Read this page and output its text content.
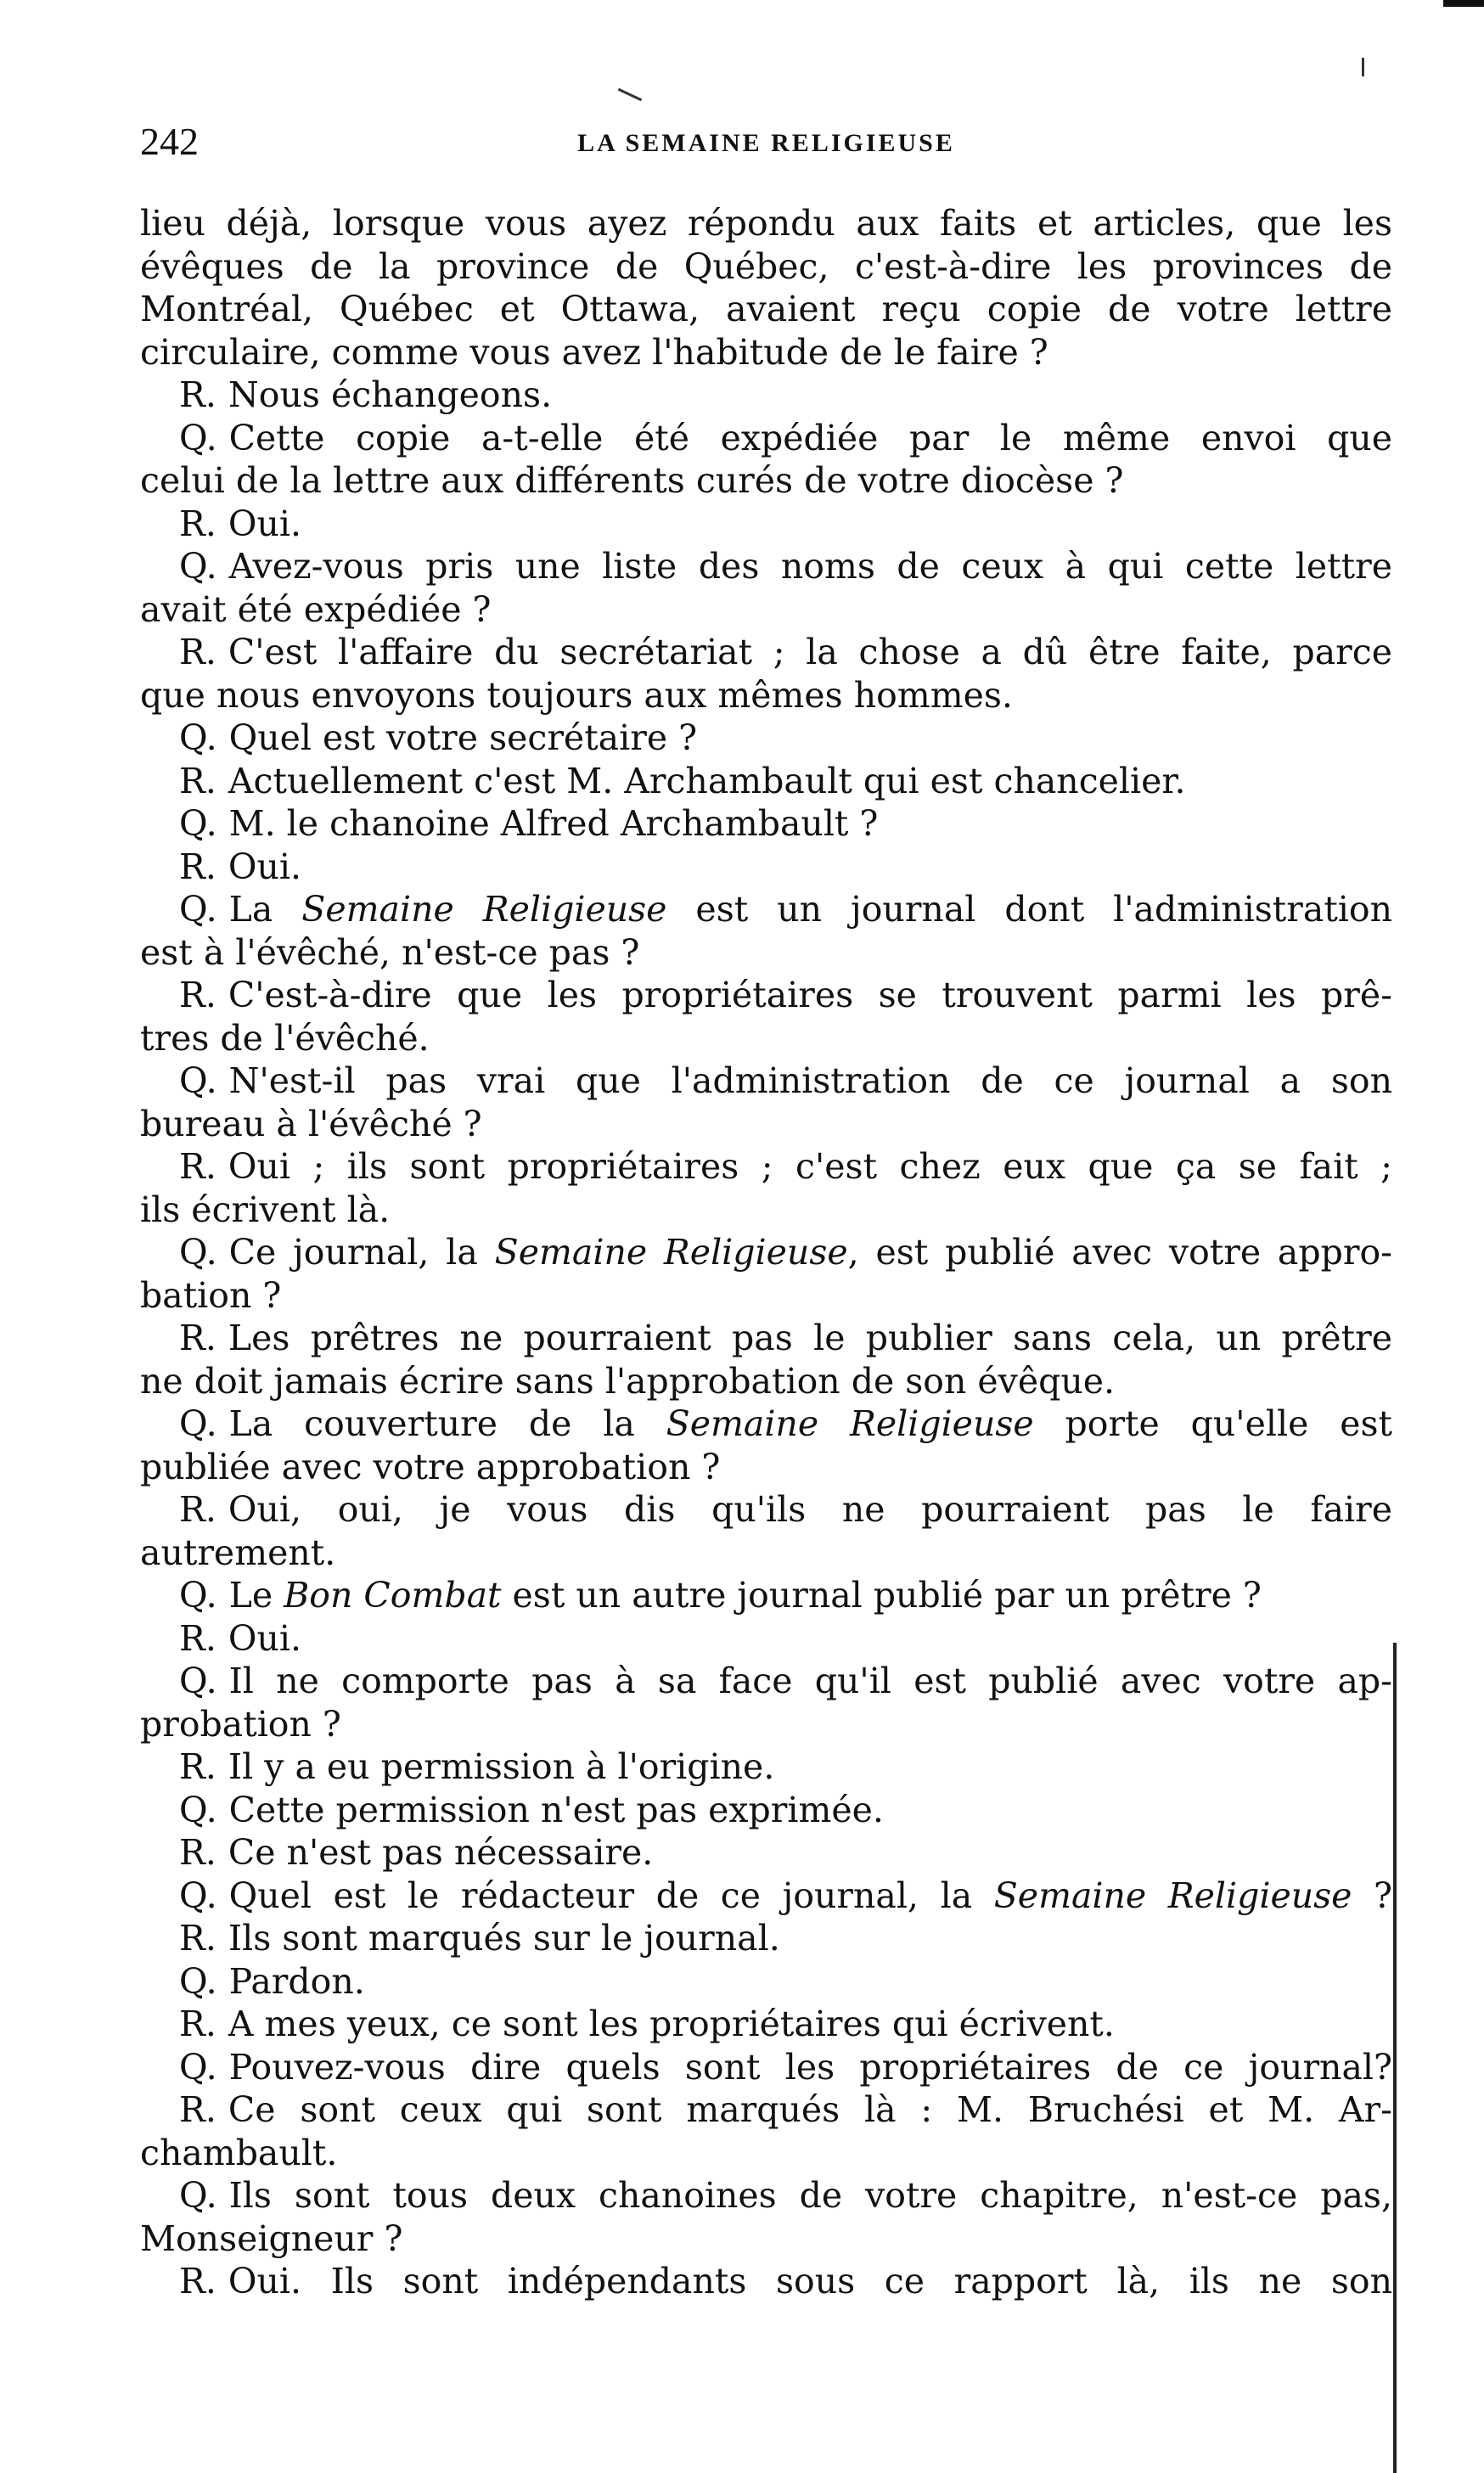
242	LA SEMAINE RELIGIEUSE
lieu déjà, lorsque vous ayez répondu aux faits et articles, que les
évêques de la province de Québec, c'est-à-dire les provinces de
Montréal, Québec et Ottawa, avaient reçu copie de votre lettre
circulaire, comme vous avez l'habitude de le faire ?
R. Nous échangeons.
Q. Cette copie a-t-elle été expédiée par le même envoi que
celui de la lettre aux différents curés de votre diocèse ?
R. Oui.
Q. Avez-vous pris une liste des noms de ceux à qui cette lettre
avait été expédiée ?
R. C'est l'affaire du secrétariat ; la chose a dû être faite, parce
que nous envoyons toujours aux mêmes hommes.
Q. Quel est votre secrétaire ?
R. Actuellement c'est M. Archambault qui est chancelier.
Q. M. le chanoine Alfred Archambault ?
R. Oui.
Q. La Semaine Religieuse est un journal dont l'administration
est à l'évêché, n'est-ce pas ?
R. C'est-à-dire que les propriétaires se trouvent parmi les prê-
tres de l'évêché.
Q. N'est-il pas vrai que l'administration de ce journal a son
bureau à l'évêché ?
R. Oui ; ils sont propriétaires ; c'est chez eux que ça se fait ;
ils écrivent là.
Q. Ce journal, la Semaine Religieuse, est publié avec votre appro-
bation ?
R. Les prêtres ne pourraient pas le publier sans cela, un prêtre
ne doit jamais écrire sans l'approbation de son évêque.
Q. La couverture de la Semaine Religieuse porte qu'elle est
publiée avec votre approbation ?
R. Oui, oui, je vous dis qu'ils ne pourraient pas le faire
autrement.
Q. Le Bon Combat est un autre journal publié par un prêtre ?
R. Oui.
Q. Il ne comporte pas à sa face qu'il est publié avec votre ap-
probation ?
R. Il y a eu permission à l'origine.
Q. Cette permission n'est pas exprimée.
R. Ce n'est pas nécessaire.
Q. Quel est le rédacteur de ce journal, la Semaine Religieuse ?
R. Ils sont marqués sur le journal.
Q. Pardon.
R. A mes yeux, ce sont les propriétaires qui écrivent.
Q. Pouvez-vous dire quels sont les propriétaires de ce journal?
R. Ce sont ceux qui sont marqués là : M. Bruchési et M. Ar-
chambault.
Q. Ils sont tous deux chanoines de votre chapitre, n'est-ce pas,
Monseigneur ?
R. Oui. Ils sont indépendants sous ce rapport là, ils ne son
